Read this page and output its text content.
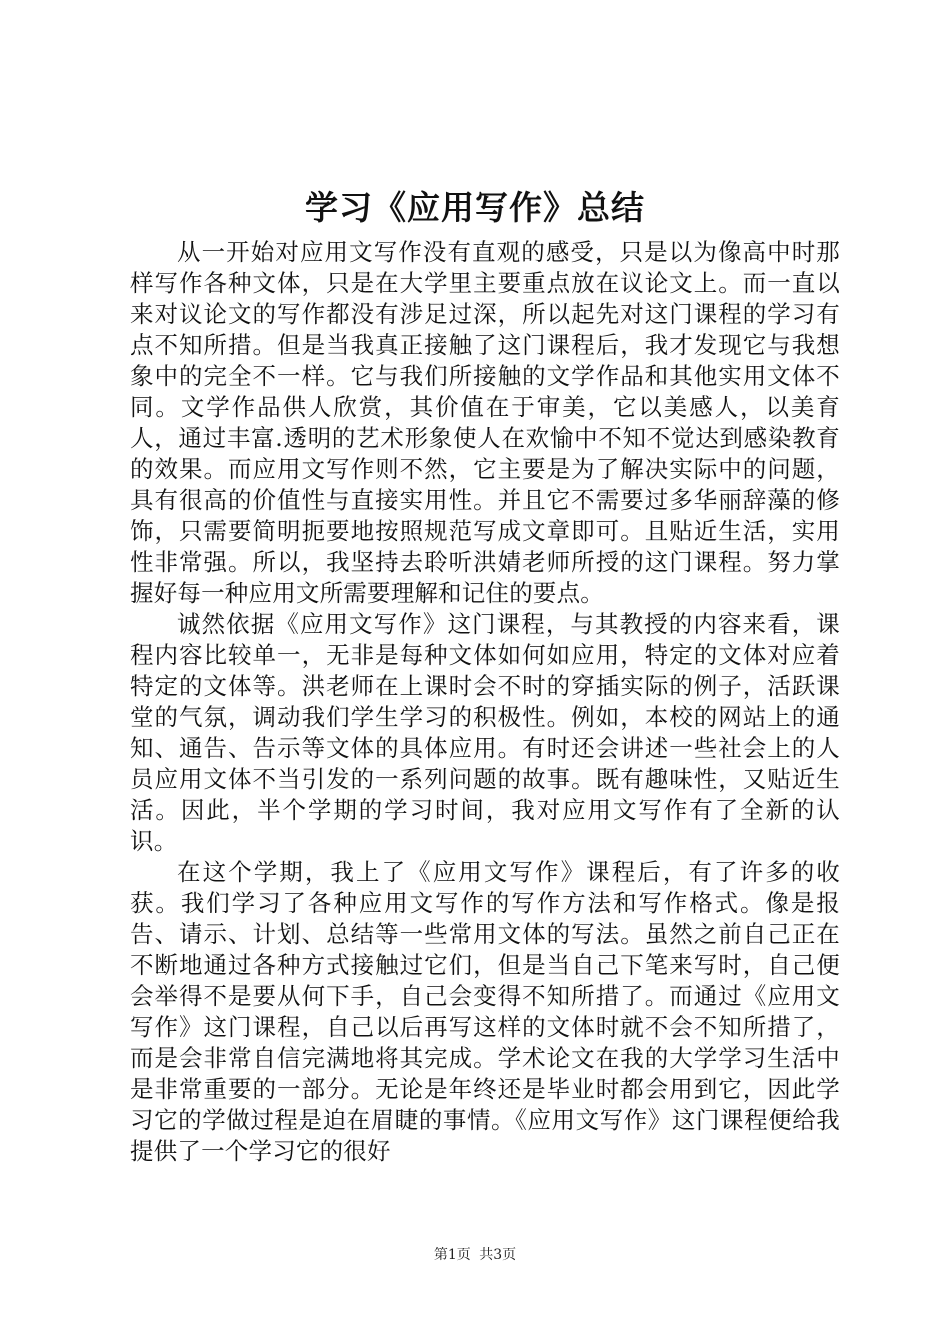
学习《应用写作》总结

从一开始对应用文写作没有直观的感受，只是以为像高中时那样写作各种文体，只是在大学里主要重点放在议论文上。而一直以来对议论文的写作都没有涉足过深，所以起先对这门课程的学习有点不知所措。但是当我真正接触了这门课程后，我才发现它与我想象中的完全不一样。它与我们所接触的文学作品和其他实用文体不同。文学作品供人欣赏，其价值在于审美，它以美感人，以美育人，通过丰富.透明的艺术形象使人在欢愉中不知不觉达到感染教育的效果。而应用文写作则不然，它主要是为了解决实际中的问题，具有很高的价值性与直接实用性。并且它不需要过多华丽辞藻的修饰，只需要简明扼要地按照规范写成文章即可。且贴近生活，实用性非常强。所以，我坚持去聆听洪婧老师所授的这门课程。努力掌握好每一种应用文所需要理解和记住的要点。

诚然依据《应用文写作》这门课程，与其教授的内容来看，课程内容比较单一，无非是每种文体如何如应用，特定的文体对应着特定的文体等。洪老师在上课时会不时的穿插实际的例子，活跃课堂的气氛，调动我们学生学习的积极性。例如，本校的网站上的通知、通告、告示等文体的具体应用。有时还会讲述一些社会上的人员应用文体不当引发的一系列问题的故事。既有趣味性，又贴近生活。因此，半个学期的学习时间，我对应用文写作有了全新的认识。

在这个学期，我上了《应用文写作》课程后，有了许多的收获。我们学习了各种应用文写作的写作方法和写作格式。像是报告、请示、计划、总结等一些常用文体的写法。虽然之前自己正在不断地通过各种方式接触过它们，但是当自己下笔来写时，自己便会举得不是要从何下手，自己会变得不知所措了。而通过《应用文写作》这门课程，自己以后再写这样的文体时就不会不知所措了，而是会非常自信完满地将其完成。学术论文在我的大学学习生活中是非常重要的一部分。无论是年终还是毕业时都会用到它，因此学习它的学做过程是迫在眉睫的事情。《应用文写作》这门课程便给我提供了一个学习它的很好

第1页 共3页
